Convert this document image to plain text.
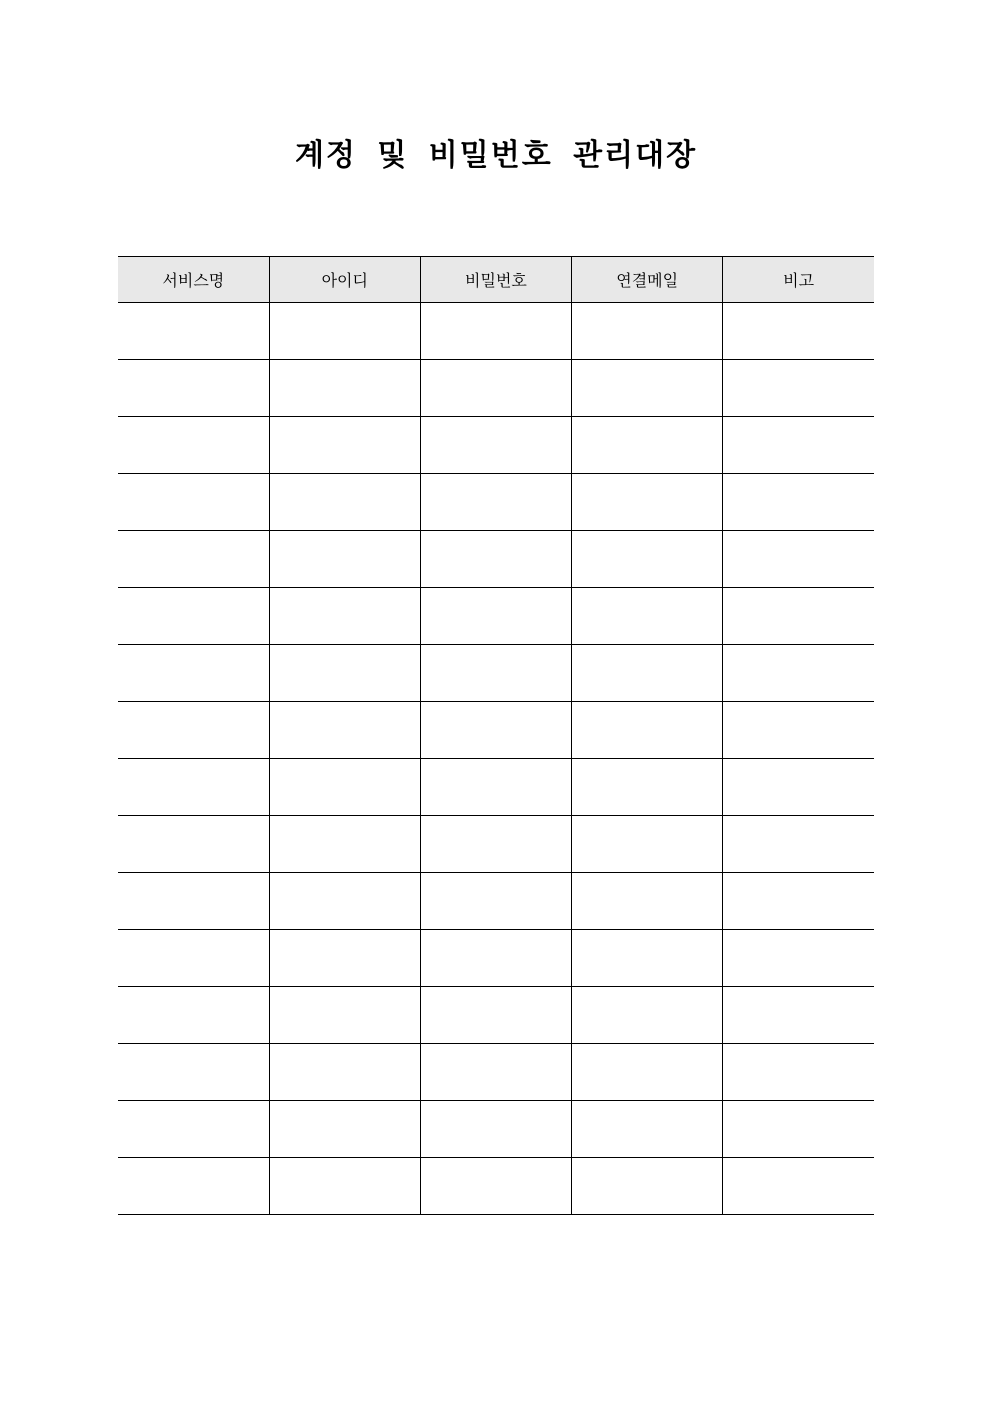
계정 및 비밀번호 관리대장
서비스명	아이디	비밀번호	연결메일	비고
